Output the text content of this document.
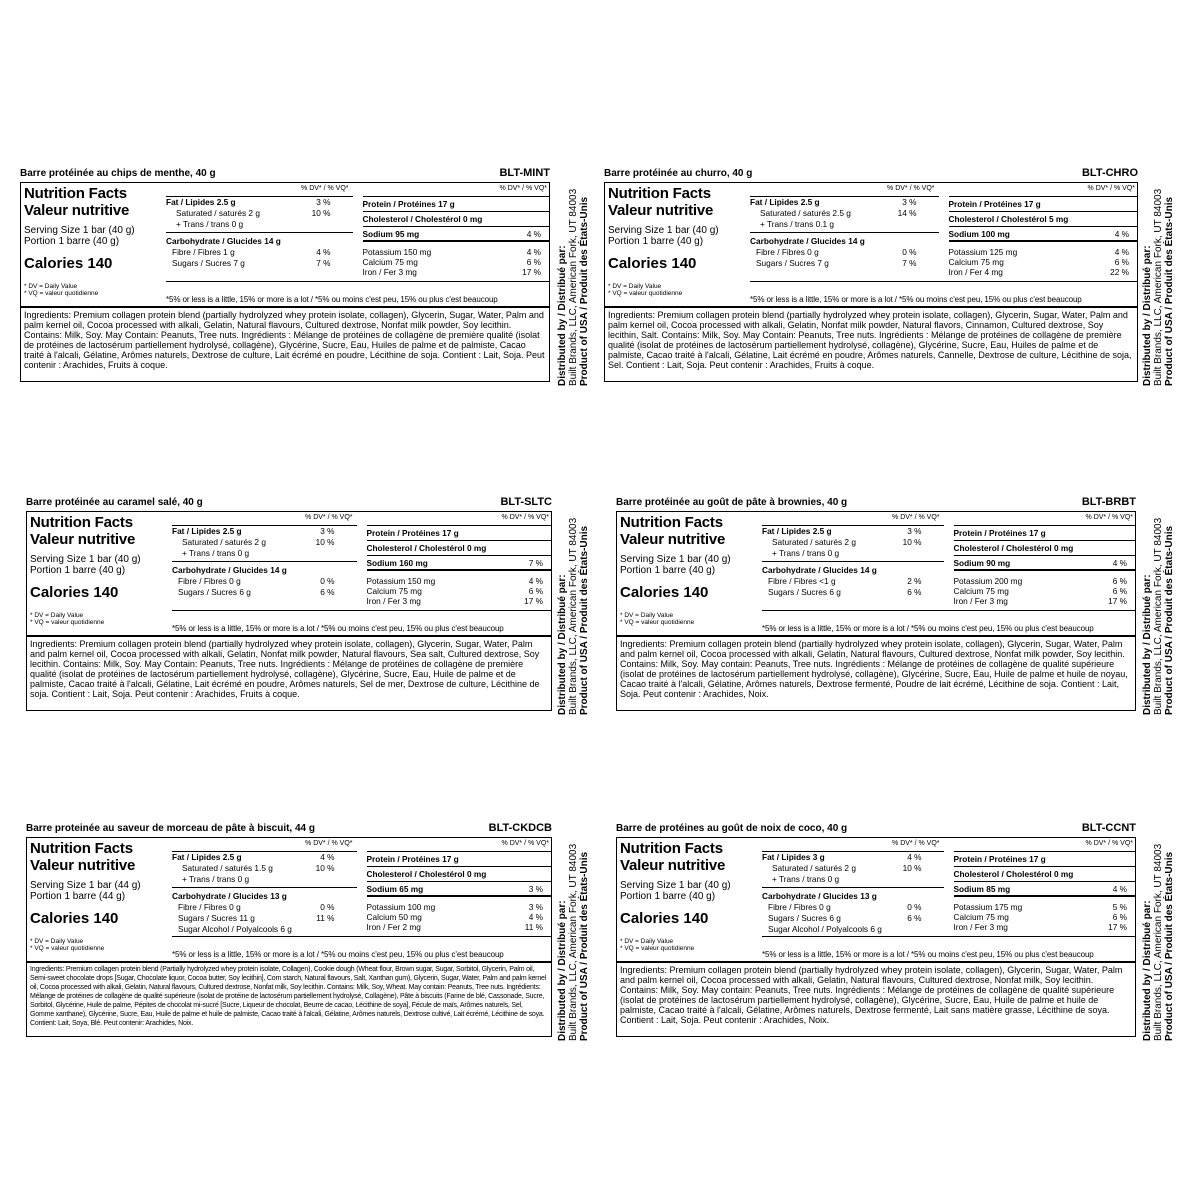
Barre protéinée au chips de menthe, 40 g	BLT-MINT
Nutrition Facts
Valeur nutritive
Serving Size 1 bar (40 g)
Portion 1 barre (40 g)
Calories 140
* DV = Daily Value
* VQ = valeur quotidienne
% DV* / % VQ*
Fat / Lipides 2.5 g	3 %
Saturated / saturés 2 g	10 %
+ Trans / trans 0 g
Carbohydrate / Glucides 14 g
Fibre / Fibres 1 g	4 %
Sugars / Sucres 7 g	7 %
% DV* / % VQ*
Protein / Protéines 17 g
Cholesterol / Cholestérol 0 mg
Sodium 95 mg	4 %
Potassium 150 mg	4 %
Calcium 75 mg	6 %
Iron / Fer 3 mg	17 %
*5% or less is a little, 15% or more is a lot / *5% ou moins c'est peu, 15% ou plus c'est beaucoup
Ingredients: Premium collagen protein blend (partially hydrolyzed whey protein isolate, collagen), Glycerin, Sugar, Water, Palm and palm kernel oil, Cocoa processed with alkali, Gelatin, Natural flavours, Cultured dextrose, Nonfat milk powder, Soy lecithin. Contains: Milk, Soy. May Contain: Peanuts, Tree nuts. Ingrédients : Mélange de protéines de collagène de première qualité (isolat de protéines de lactosérum partiellement hydrolysé, collagène), Glycérine, Sucre, Eau, Huiles de palme et de palmiste, Cacao traité à l'alcali, Gélatine, Arômes naturels, Dextrose de culture, Lait écrémé en poudre, Lécithine de soja. Contient : Lait, Soja. Peut contenir : Arachides, Fruits à coque.	Distributed by / Distribué par: Built Brands, LLC, American Fork, UT 84003 Product of USA / Produit des États-Unis
Barre protéinée au churro, 40 g	BLT-CHRO
Nutrition Facts
Valeur nutritive
Serving Size 1 bar (40 g)
Portion 1 barre (40 g)
Calories 140
* DV = Daily Value
* VQ = valeur quotidienne
% DV* / % VQ*
Fat / Lipides 2.5 g	3 %
Saturated / saturés 2.5 g	14 %
+ Trans / trans 0.1 g
Carbohydrate / Glucides 14 g
Fibre / Fibres 0 g	0 %
Sugars / Sucres 7 g	7 %
% DV* / % VQ*
Protein / Protéines 17 g
Cholesterol / Cholestérol 5 mg
Sodium 100 mg	4 %
Potassium 125 mg	4 %
Calcium 75 mg	6 %
Iron / Fer 4 mg	22 %
*5% or less is a little, 15% or more is a lot / *5% ou moins c'est peu, 15% ou plus c'est beaucoup
Ingredients: Premium collagen protein blend (partially hydrolyzed whey protein isolate, collagen), Glycerin, Sugar, Water, Palm and palm kernel oil, Cocoa processed with alkali, Gelatin, Nonfat milk powder, Natural flavors, Cinnamon, Cultured dextrose, Soy lecithin, Salt. Contains: Milk, Soy. May Contain: Peanuts, Tree nuts. Ingrédients : Mélange de protéines de collagène de première qualité (isolat de protéines de lactosérum partiellement hydrolysé, collagène), Glycérine, Sucre, Eau, Huiles de palme et de palmiste, Cacao traité à l'alcali, Gélatine, Lait écrémé en poudre, Arômes naturels, Cannelle, Dextrose de culture, Lécithine de soja, Sel. Contient : Lait, Soja. Peut contenir : Arachides, Fruits à coque.	Distributed by / Distribué par: Built Brands, LLC, American Fork, UT 84003 Product of USA / Produit des États-Unis
Barre protéinée au caramel salé, 40 g	BLT-SLTC
Nutrition Facts
Valeur nutritive
Serving Size 1 bar (40 g)
Portion 1 barre (40 g)
Calories 140
* DV = Daily Value
* VQ = valeur quotidienne
% DV* / % VQ*
Fat / Lipides 2.5 g	3 %
Saturated / saturés 2 g	10 %
+ Trans / trans 0 g
Carbohydrate / Glucides 14 g
Fibre / Fibres 0 g	0 %
Sugars / Sucres 6 g	6 %
% DV* / % VQ*
Protein / Protéines 17 g
Cholesterol / Cholestérol 0 mg
Sodium 160 mg	7 %
Potassium 150 mg	4 %
Calcium 75 mg	6 %
Iron / Fer 3 mg	17 %
*5% or less is a little, 15% or more is a lot / *5% ou moins c'est peu, 15% ou plus c'est beaucoup
Ingredients: Premium collagen protein blend (partially hydrolyzed whey protein isolate, collagen), Glycerin, Sugar, Water, Palm and palm kernel oil, Cocoa processed with alkali, Gelatin, Nonfat milk powder, Natural flavours, Sea salt, Cultured dextrose, Soy lecithin. Contains: Milk, Soy. May Contain: Peanuts, Tree nuts. Ingrédients : Mélange de protéines de collagène de première qualité (isolat de protéines de lactosérum partiellement hydrolysé, collagène), Glycérine, Sucre, Eau, Huile de palme et de palmiste, Cacao traité à l'alcali, Gélatine, Lait écrémé en poudre, Arômes naturels, Sel de mer, Dextrose de culture, Lécithine de soja. Contient : Lait, Soja. Peut contenir : Arachides, Fruits à coque.	Distributed by / Distribué par: Built Brands, LLC, American Fork, UT 84003 Product of USA / Produit des États-Unis
Barre protéinée au goût de pâte à brownies, 40 g	BLT-BRBT
Nutrition Facts
Valeur nutritive
Serving Size 1 bar (40 g)
Portion 1 barre (40 g)
Calories 140
* DV = Daily Value
* VQ = valeur quotidienne
% DV* / % VQ*
Fat / Lipides 2.5 g	3 %
Saturated / saturés 2 g	10 %
+ Trans / trans 0 g
Carbohydrate / Glucides 14 g
Fibre / Fibres <1 g	2 %
Sugars / Sucres 6 g	6 %
% DV* / % VQ*
Protein / Protéines 17 g
Cholesterol / Cholestérol 0 mg
Sodium 90 mg	4 %
Potassium 200 mg	6 %
Calcium 75 mg	6 %
Iron / Fer 3 mg	17 %
*5% or less is a little, 15% or more is a lot / *5% ou moins c'est peu, 15% ou plus c'est beaucoup
Ingredients: Premium collagen protein blend (partially hydrolyzed whey protein isolate, collagen), Glycerin, Sugar, Water, Palm and palm kernel oil, Cocoa processed with alkali, Gelatin, Natural flavours, Cultured dextrose, Nonfat milk powder, Soy lecithin. Contains: Milk, Soy. May contain: Peanuts, Tree nuts. Ingrédients : Mélange de protéines de collagène de qualité supérieure (isolat de protéines de lactosérum partiellement hydrolysé, collagène), Glycérine, Sucre, Eau, Huile de palme et huile de noyau, Cacao traité à l'alcali, Gélatine, Arômes naturels, Dextrose fermenté, Poudre de lait écrémé, Lécithine de soja. Contient : Lait, Soja. Peut contenir : Arachides, Noix.	Distributed by / Distribué par: Built Brands, LLC, American Fork, UT 84003 Product of USA / Produit des États-Unis
Barre proteinée au saveur de morceau de pâte à biscuit, 44 g	BLT-CKDCB
Nutrition Facts
Valeur nutritive
Serving Size 1 bar (44 g)
Portion 1 barre (44 g)
Calories 140
* DV = Daily Value
* VQ = valeur quotidienne
% DV* / % VQ*
Fat / Lipides 2.5 g	4 %
Saturated / saturés 1.5 g	10 %
+ Trans / trans 0 g
Carbohydrate / Glucides 13 g
Fibre / Fibres 0 g	0 %
Sugars / Sucres 11 g	11 %
Sugar Alcohol / Polyalcools 6 g
% DV* / % VQ*
Protein / Protéines 17 g
Cholesterol / Cholestérol 0 mg
Sodium 65 mg	3 %
Potassium 100 mg	3 %
Calcium 50 mg	4 %
Iron / Fer 2 mg	11 %
*5% or less is a little, 15% or more is a lot / *5% ou moins c'est peu, 15% ou plus c'est beaucoup
Ingredients: Premium collagen protein blend (Partially hydrolyzed whey protein isolate, Collagen), Cookie dough (Wheat flour, Brown sugar, Sugar, Sorbitol, Glycerin, Palm oil, Semi-sweet chocolate drops [Sugar, Chocolate liquor, Cocoa butter, Soy lecithin], Corn starch, Natural flavours, Salt, Xanthan gum), Glycerin, Sugar, Water, Palm and palm kernel oil, Cocoa processed with alkali, Gelatin, Natural flavours, Cultured dextrose, Nonfat milk, Soy lecithin. Contains: Milk, Soy, Wheat. May contain: Peanuts, Tree nuts. Ingrédients: Mélange de protéines de collagène de qualité supérieure (isolat de protéine de lactosérum partiellement hydrolysé, Collagène), Pâte à biscuits (Farine de blé, Cassonade, Sucre, Sorbitol, Glycérine, Huile de palme, Pépites de chocolat mi-sucré [Sucre, Liqueur de chocolat, Beurre de cacao, Lécithine de soya], Fécule de maïs, Arômes naturels, Sel, Gomme xanthane), Glycérine, Sucre, Eau, Huile de palme et huile de palmiste, Cacao traité à l'alcali, Gélatine, Arômes naturels, Dextrose cultivé, Lait écrémé, Lécithine de soya. Contient: Lait, Soya, Blé. Peut contenir: Arachides, Noix.	Distributed by / Distribué par: Built Brands, LLC, American Fork, UT 84003 Product of USA / Produit des États-Unis
Barre de protéines au goût de noix de coco, 40 g	BLT-CCNT
Nutrition Facts
Valeur nutritive
Serving Size 1 bar (40 g)
Portion 1 barre (40 g)
Calories 140
* DV = Daily Value
* VQ = valeur quotidienne
% DV* / % VQ*
Fat / Lipides 3 g	4 %
Saturated / saturés 2 g	10 %
+ Trans / trans 0 g
Carbohydrate / Glucides 13 g
Fibre / Fibres 0 g	0 %
Sugars / Sucres 6 g	6 %
Sugar Alcohol / Polyalcools 6 g
% DV* / % VQ*
Protein / Protéines 17 g
Cholesterol / Cholestérol 0 mg
Sodium 85 mg	4 %
Potassium 175 mg	5 %
Calcium 75 mg	6 %
Iron / Fer 3 mg	17 %
*5% or less is a little, 15% or more is a lot / *5% ou moins c'est peu, 15% ou plus c'est beaucoup
Ingredients: Premium collagen protein blend (partially hydrolyzed whey protein isolate, collagen), Glycerin, Sugar, Water, Palm and palm kernel oil, Cocoa processed with alkali, Gelatin, Natural flavours, Cultured dextrose, Nonfat milk, Soy lecithin. Contains: Milk, Soy. May contain: Peanuts, Tree nuts. Ingrédients : Mélange de protéines de collagène de qualité supérieure (isolat de protéines de lactosérum partiellement hydrolysé, collagène), Glycérine, Sucre, Eau, Huile de palme et huile de palmiste, Cacao traité à l'alcali, Gélatine, Arômes naturels, Dextrose fermenté, Lait sans matière grasse, Lécithine de soya. Contient : Lait, Soja. Peut contenir : Arachides, Noix.	Distributed by / Distribué par: Built Brands, LLC, American Fork, UT 84003 Product of USA / Produit des États-Unis
